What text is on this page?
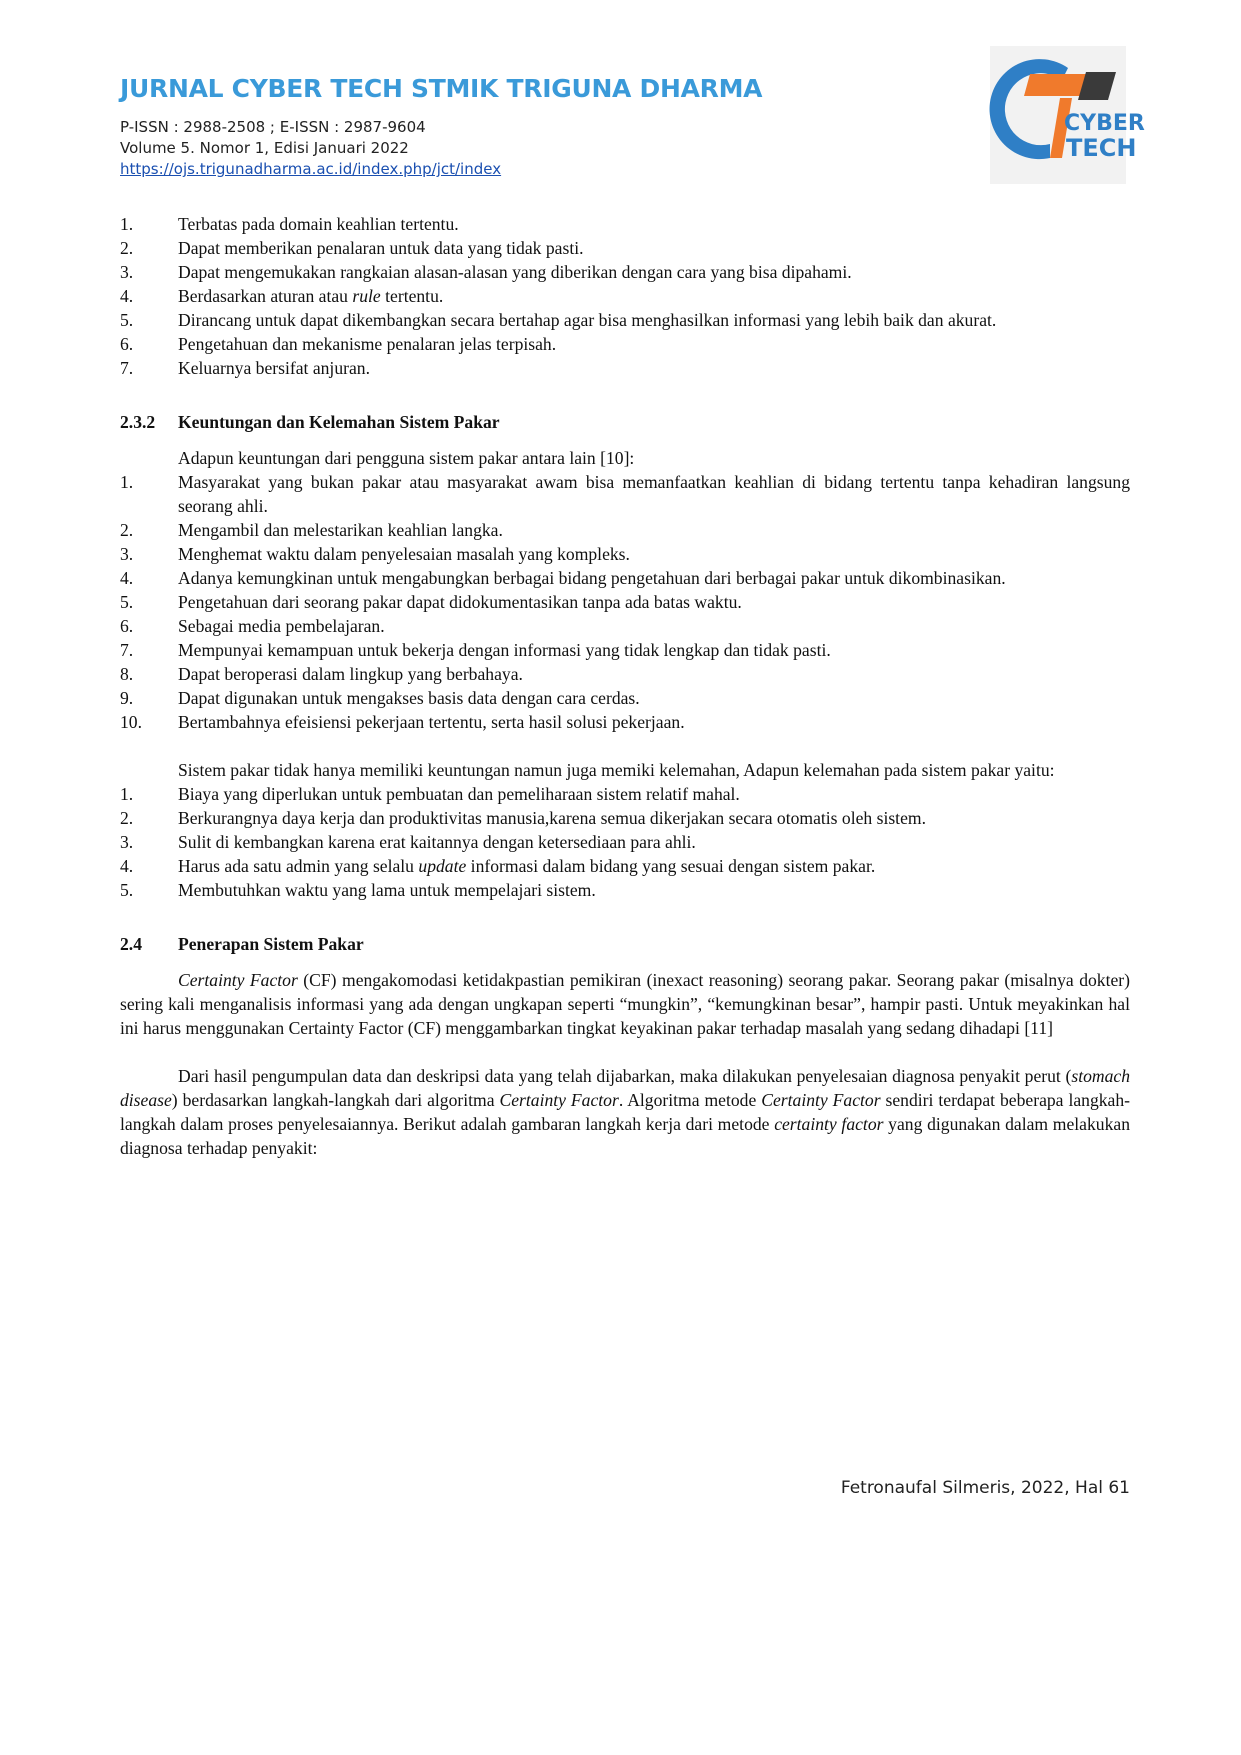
JURNAL CYBER TECH STMIK TRIGUNA DHARMA
P-ISSN : 2988-2508 ; E-ISSN : 2987-9604
Volume 5. Nomor 1, Edisi Januari 2022
https://ojs.trigunadharma.ac.id/index.php/jct/index
CYBER
TECH
1.	Terbatas pada domain keahlian tertentu.
2.	Dapat memberikan penalaran untuk data yang tidak pasti.
3.	Dapat mengemukakan rangkaian alasan-alasan yang diberikan dengan cara yang bisa dipahami.
4.	Berdasarkan aturan atau rule tertentu.
5.	Dirancang untuk dapat dikembangkan secara bertahap agar bisa menghasilkan informasi yang lebih baik dan akurat.
6.	Pengetahuan dan mekanisme penalaran jelas terpisah.
7.	Keluarnya bersifat anjuran.
2.3.2	Keuntungan dan Kelemahan Sistem Pakar

Adapun keuntungan dari pengguna sistem pakar antara lain [10]:

1.	Masyarakat yang bukan pakar atau masyarakat awam bisa memanfaatkan keahlian di bidang tertentu tanpa kehadiran langsung seorang ahli.
2.	Mengambil dan melestarikan keahlian langka.
3.	Menghemat waktu dalam penyelesaian masalah yang kompleks.
4.	Adanya kemungkinan untuk mengabungkan berbagai bidang pengetahuan dari berbagai pakar untuk dikombinasikan.
5.	Pengetahuan dari seorang pakar dapat didokumentasikan tanpa ada batas waktu.
6.	Sebagai media pembelajaran.
7.	Mempunyai kemampuan untuk bekerja dengan informasi yang tidak lengkap dan tidak pasti.
8.	Dapat beroperasi dalam lingkup yang berbahaya.
9.	Dapat digunakan untuk mengakses basis data dengan cara cerdas.
10. Bertambahnya efeisiensi pekerjaan tertentu, serta hasil solusi pekerjaan.

Sistem pakar tidak hanya memiliki keuntungan namun juga memiki kelemahan, Adapun kelemahan pada sistem pakar yaitu:

1.	Biaya yang diperlukan untuk pembuatan dan pemeliharaan sistem relatif mahal.
2.	Berkurangnya daya kerja dan produktivitas manusia,karena semua dikerjakan secara otomatis oleh sistem.
3.	Sulit di kembangkan karena erat kaitannya dengan ketersediaan para ahli.
4.	Harus ada satu admin yang selalu update informasi dalam bidang yang sesuai dengan sistem pakar.
5.	Membutuhkan waktu yang lama untuk mempelajari sistem.
2.4	Penerapan Sistem Pakar

Certainty Factor (CF) mengakomodasi ketidakpastian pemikiran (inexact reasoning) seorang pakar. Seorang pakar (misalnya dokter) sering kali menganalisis informasi yang ada dengan ungkapan seperti “mungkin”, “kemungkinan besar”, hampir pasti. Untuk meyakinkan hal ini harus menggunakan Certainty Factor (CF) menggambarkan tingkat keyakinan pakar terhadap masalah yang sedang dihadapi [11]

Dari hasil pengumpulan data dan deskripsi data yang telah dijabarkan, maka dilakukan penyelesaian diagnosa penyakit perut (stomach disease) berdasarkan langkah-langkah dari algoritma Certainty Factor. Algoritma metode Certainty Factor sendiri terdapat beberapa langkah-langkah dalam proses penyelesaiannya. Berikut adalah gambaran langkah kerja dari metode certainty factor yang digunakan dalam melakukan diagnosa terhadap penyakit:

Fetronaufal Silmeris, 2022, Hal 61
